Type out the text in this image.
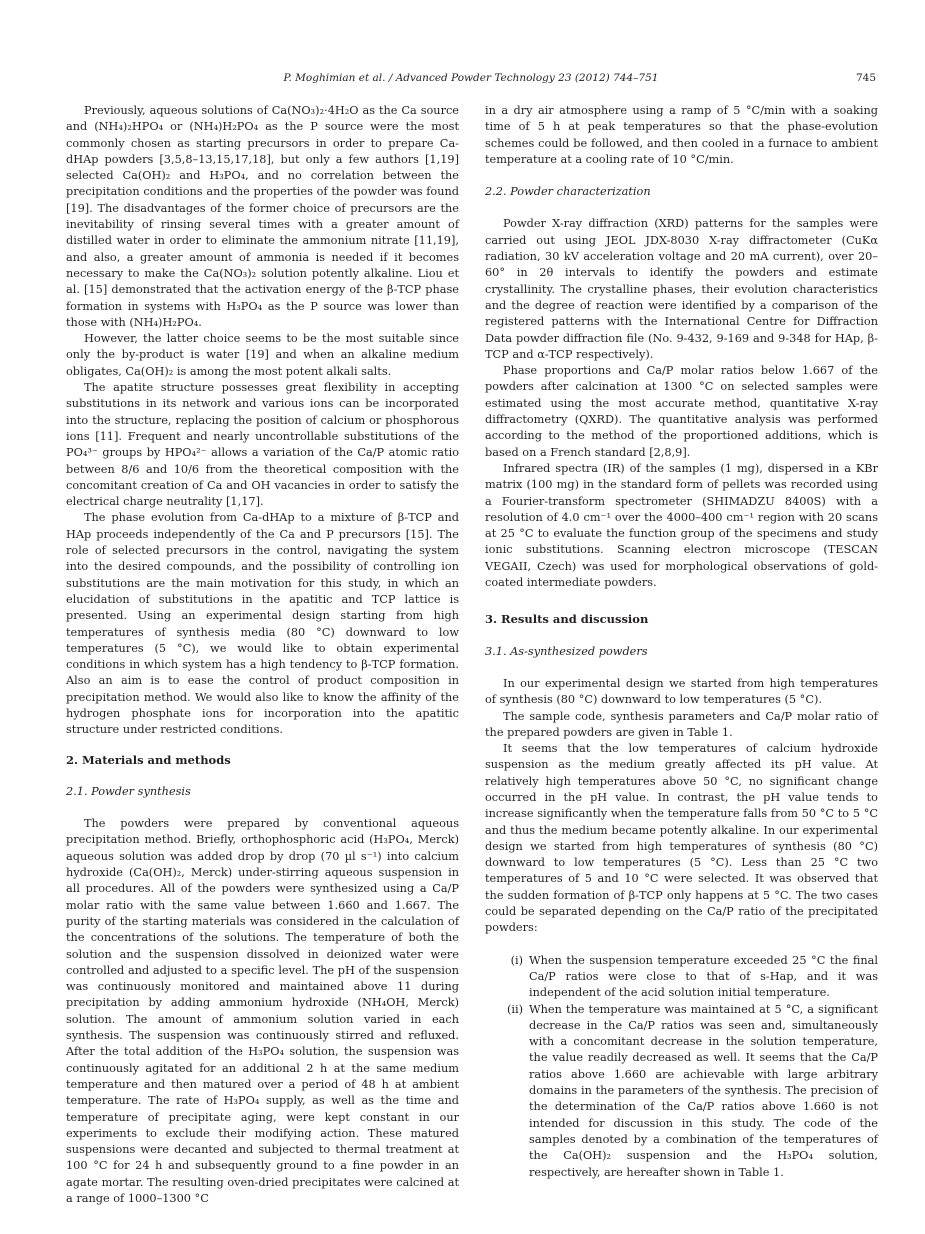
P. Moghimian et al. / Advanced Powder Technology 23 (2012) 744–751	745

Previously, aqueous solutions of Ca(NO₃)₂·4H₂O as the Ca source and (NH₄)₂HPO₄ or (NH₄)H₂PO₄ as the P source were the most commonly chosen as starting precursors in order to prepare Ca-dHAp powders [3,5,8–13,15,17,18], but only a few authors [1,19] selected Ca(OH)₂ and H₃PO₄, and no correlation between the precipitation conditions and the properties of the powder was found [19]. The disadvantages of the former choice of precursors are the inevitability of rinsing several times with a greater amount of distilled water in order to eliminate the ammonium nitrate [11,19], and also, a greater amount of ammonia is needed if it becomes necessary to make the Ca(NO₃)₂ solution potently alkaline. Liou et al. [15] demonstrated that the activation energy of the β-TCP phase formation in systems with H₃PO₄ as the P source was lower than those with (NH₄)H₂PO₄.

However, the latter choice seems to be the most suitable since only the by-product is water [19] and when an alkaline medium obligates, Ca(OH)₂ is among the most potent alkali salts.

The apatite structure possesses great flexibility in accepting substitutions in its network and various ions can be incorporated into the structure, replacing the position of calcium or phosphorous ions [11]. Frequent and nearly uncontrollable substitutions of the PO₄³⁻ groups by HPO₄²⁻ allows a variation of the Ca/P atomic ratio between 8/6 and 10/6 from the theoretical composition with the concomitant creation of Ca and OH vacancies in order to satisfy the electrical charge neutrality [1,17].

The phase evolution from Ca-dHAp to a mixture of β-TCP and HAp proceeds independently of the Ca and P precursors [15]. The role of selected precursors in the control, navigating the system into the desired compounds, and the possibility of controlling ion substitutions are the main motivation for this study, in which an elucidation of substitutions in the apatitic and TCP lattice is presented. Using an experimental design starting from high temperatures of synthesis media (80 °C) downward to low temperatures (5 °C), we would like to obtain experimental conditions in which system has a high tendency to β-TCP formation. Also an aim is to ease the control of product composition in precipitation method. We would also like to know the affinity of the hydrogen phosphate ions for incorporation into the apatitic structure under restricted conditions.

2. Materials and methods
2.1. Powder synthesis

The powders were prepared by conventional aqueous precipitation method. Briefly, orthophosphoric acid (H₃PO₄, Merck) aqueous solution was added drop by drop (70 µl s⁻¹) into calcium hydroxide (Ca(OH)₂, Merck) under-stirring aqueous suspension in all procedures. All of the powders were synthesized using a Ca/P molar ratio with the same value between 1.660 and 1.667. The purity of the starting materials was considered in the calculation of the concentrations of the solutions. The temperature of both the solution and the suspension dissolved in deionized water were controlled and adjusted to a specific level. The pH of the suspension was continuously monitored and maintained above 11 during precipitation by adding ammonium hydroxide (NH₄OH, Merck) solution. The amount of ammonium solution varied in each synthesis. The suspension was continuously stirred and refluxed. After the total addition of the H₃PO₄ solution, the suspension was continuously agitated for an additional 2 h at the same medium temperature and then matured over a period of 48 h at ambient temperature. The rate of H₃PO₄ supply, as well as the time and temperature of precipitate aging, were kept constant in our experiments to exclude their modifying action. These matured suspensions were decanted and subjected to thermal treatment at 100 °C for 24 h and subsequently ground to a fine powder in an agate mortar. The resulting oven-dried precipitates were calcined at a range of 1000–1300 °C

in a dry air atmosphere using a ramp of 5 °C/min with a soaking time of 5 h at peak temperatures so that the phase-evolution schemes could be followed, and then cooled in a furnace to ambient temperature at a cooling rate of 10 °C/min.

2.2. Powder characterization

Powder X-ray diffraction (XRD) patterns for the samples were carried out using JEOL JDX-8030 X-ray diffractometer (CuKα radiation, 30 kV acceleration voltage and 20 mA current), over 20–60° in 2θ intervals to identify the powders and estimate crystallinity. The crystalline phases, their evolution characteristics and the degree of reaction were identified by a comparison of the registered patterns with the International Centre for Diffraction Data powder diffraction file (No. 9-432, 9-169 and 9-348 for HAp, β-TCP and α-TCP respectively).

Phase proportions and Ca/P molar ratios below 1.667 of the powders after calcination at 1300 °C on selected samples were estimated using the most accurate method, quantitative X-ray diffractometry (QXRD). The quantitative analysis was performed according to the method of the proportioned additions, which is based on a French standard [2,8,9].

Infrared spectra (IR) of the samples (1 mg), dispersed in a KBr matrix (100 mg) in the standard form of pellets was recorded using a Fourier-transform spectrometer (SHIMADZU 8400S) with a resolution of 4.0 cm⁻¹ over the 4000–400 cm⁻¹ region with 20 scans at 25 °C to evaluate the function group of the specimens and study ionic substitutions. Scanning electron microscope (TESCAN VEGAII, Czech) was used for morphological observations of gold-coated intermediate powders.

3. Results and discussion
3.1. As-synthesized powders

In our experimental design we started from high temperatures of synthesis (80 °C) downward to low temperatures (5 °C).

The sample code, synthesis parameters and Ca/P molar ratio of the prepared powders are given in Table 1.

It seems that the low temperatures of calcium hydroxide suspension as the medium greatly affected its pH value. At relatively high temperatures above 50 °C, no significant change occurred in the pH value. In contrast, the pH value tends to increase significantly when the temperature falls from 50 °C to 5 °C and thus the medium became potently alkaline. In our experimental design we started from high temperatures of synthesis (80 °C) downward to low temperatures (5 °C). Less than 25 °C two temperatures of 5 and 10 °C were selected. It was observed that the sudden formation of β-TCP only happens at 5 °C. The two cases could be separated depending on the Ca/P ratio of the precipitated powders:

(i) When the suspension temperature exceeded 25 °C the final Ca/P ratios were close to that of s-Hap, and it was independent of the acid solution initial temperature.
(ii) When the temperature was maintained at 5 °C, a significant decrease in the Ca/P ratios was seen and, simultaneously with a concomitant decrease in the solution temperature, the value readily decreased as well. It seems that the Ca/P ratios above 1.660 are achievable with large arbitrary domains in the parameters of the synthesis. The precision of the determination of the Ca/P ratios above 1.660 is not intended for discussion in this study. The code of the samples denoted by a combination of the temperatures of the Ca(OH)₂ suspension and the H₃PO₄ solution, respectively, are hereafter shown in Table 1.
